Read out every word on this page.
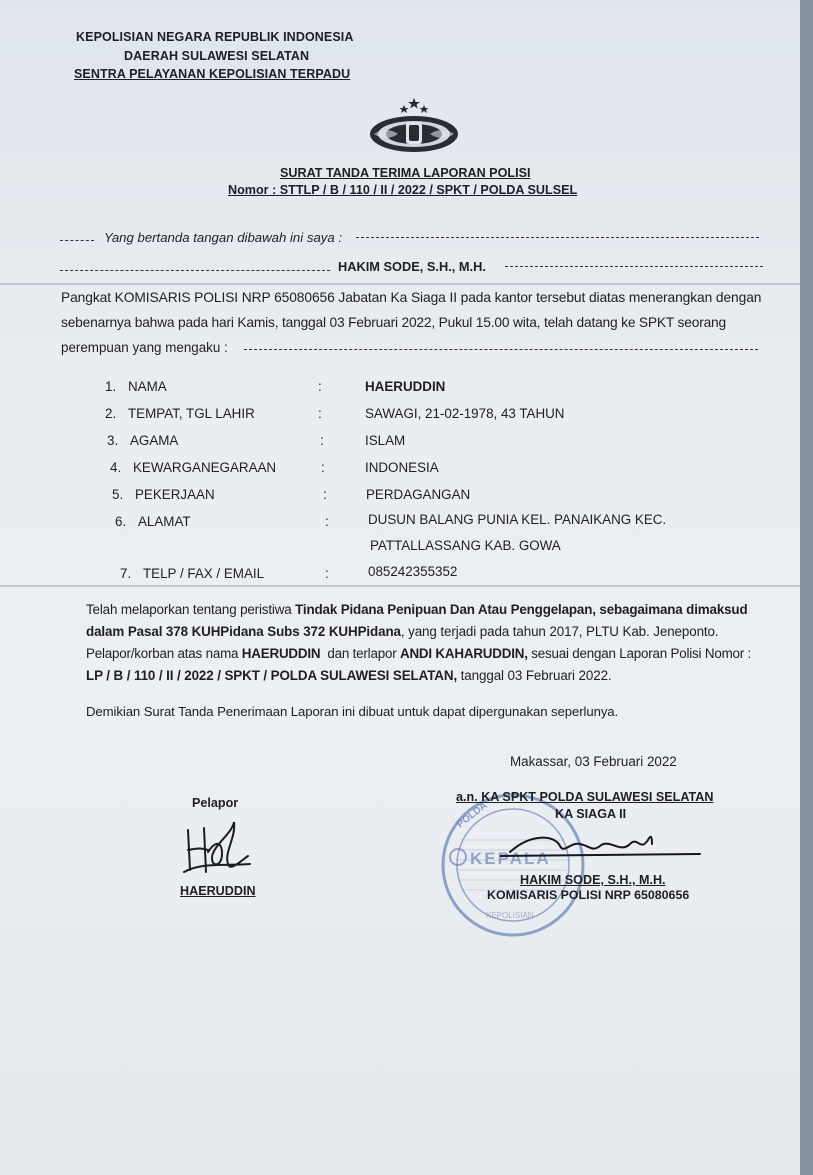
KEPOLISIAN NEGARA REPUBLIK INDONESIA
DAERAH SULAWESI SELATAN
SENTRA PELAYANAN KEPOLISIAN TERPADU
SURAT TANDA TERIMA LAPORAN POLISI
Nomor : STTLP / B / 110 / II / 2022 / SPKT / POLDA SULSEL
Yang bertanda tangan dibawah ini saya :
HAKIM SODE, S.H., M.H.
Pangkat KOMISARIS POLISI NRP 65080656 Jabatan Ka Siaga II pada kantor tersebut diatas menerangkan dengan
sebenarnya bahwa pada hari Kamis, tanggal 03 Februari 2022, Pukul 15.00 wita, telah datang ke SPKT seorang
perempuan yang mengaku :
1. NAMA	:	HAERUDDIN
2. TEMPAT, TGL LAHIR	:	SAWAGI, 21-02-1978, 43 TAHUN
3. AGAMA	:	ISLAM
4. KEWARGANEGARAAN	:	INDONESIA
5. PEKERJAAN	:	PERDAGANGAN
6. ALAMAT	:	DUSUN BALANG PUNIA KEL. PANAIKANG KEC.
PATTALLASSANG KAB. GOWA
7. TELP / FAX / EMAIL	:	085242355352
Telah melaporkan tentang peristiwa Tindak Pidana Penipuan Dan Atau Penggelapan, sebagaimana dimaksud
dalam Pasal 378 KUHPidana Subs 372 KUHPidana, yang terjadi pada tahun 2017, PLTU Kab. Jeneponto.
Pelapor/korban atas nama HAERUDDIN  dan terlapor ANDI KAHARUDDIN, sesuai dengan Laporan Polisi Nomor :
LP / B / 110 / II / 2022 / SPKT / POLDA SULAWESI SELATAN, tanggal 03 Februari 2022.
Demikian Surat Tanda Penerimaan Laporan ini dibuat untuk dapat dipergunakan seperlunya.
Makassar, 03 Februari 2022
Pelapor
HAERUDDIN
POLDA
KEPALA
KEPOLISIAN
a.n. KA SPKT POLDA SULAWESI SELATAN
KA SIAGA II
HAKIM SODE, S.H., M.H.
KOMISARIS POLISI NRP 65080656
